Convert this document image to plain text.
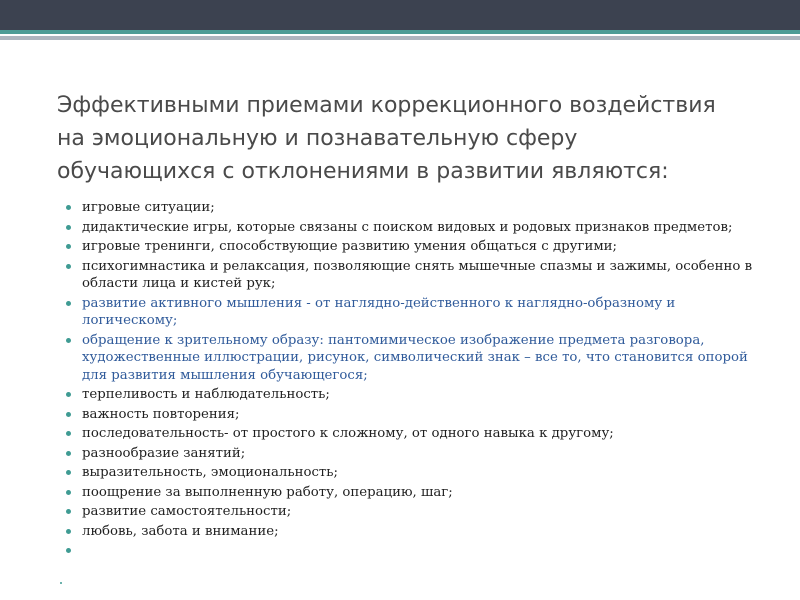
Эффективными приемами коррекционного воздействия
на эмоциональную и познавательную сферу
обучающихся с отклонениями в развитии являются:
игровые ситуации;
дидактические игры, которые связаны с поиском видовых и родовых признаков предметов;
игровые тренинги, способствующие развитию умения общаться с другими;
психогимнастика и релаксация, позволяющие снять мышечные спазмы и зажимы, особенно в области лица и кистей рук;
развитие активного мышления - от наглядно-действенного к наглядно-образному и логическому;
обращение к зрительному образу: пантомимическое изображение предмета разговора, художественные иллюстрации, рисунок, символический знак – все то, что становится опорой для развития мышления обучающегося;
терпеливость и наблюдательность;
важность повторения;
последовательность- от простого к сложному, от одного навыка к другому;
разнообразие занятий;
выразительность, эмоциональность;
поощрение за выполненную работу, операцию, шаг;
развитие самостоятельности;
любовь, забота и внимание;
